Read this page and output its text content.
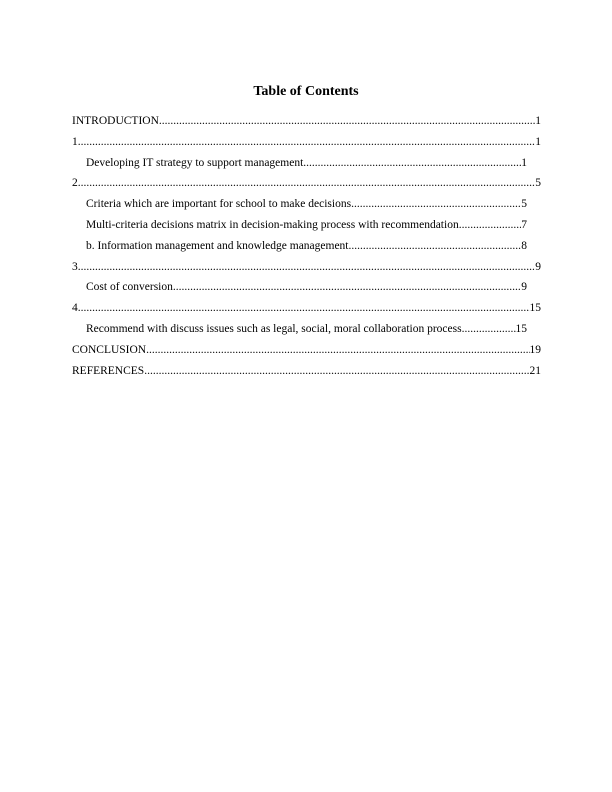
Table of Contents
INTRODUCTION .....	1
1 .....	1
Developing IT strategy to support management .....	1
2 .....	5
Criteria which are important for school to make decisions .....	5
Multi-criteria decisions matrix in decision-making process with recommendation .....	7
b. Information management and knowledge management .....	8
3 .....	9
Cost of conversion .....	9
4 .....	15
Recommend with discuss issues such as legal, social, moral collaboration process .....	15
CONCLUSION .....	19
REFERENCES .....	21
